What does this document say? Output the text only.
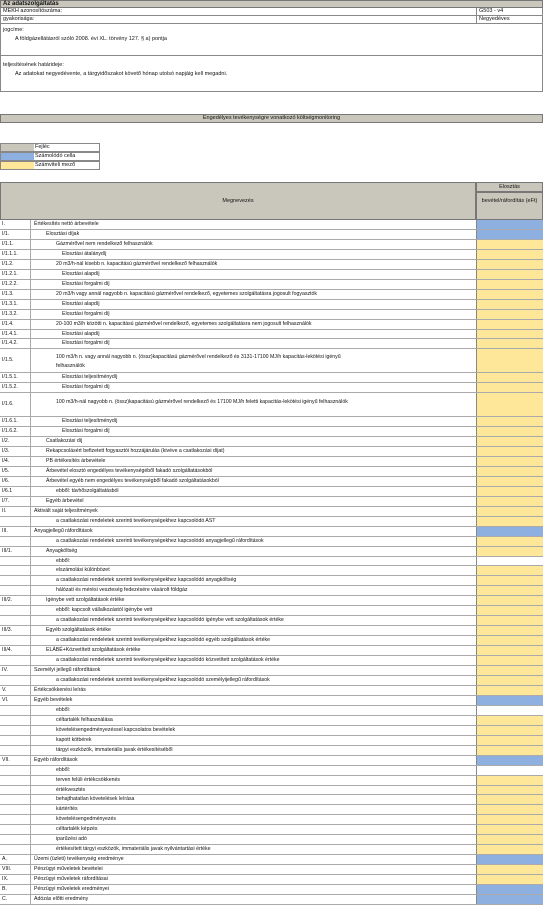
Az adatszolgáltatás
MEKH azonosítószáma:	G503 - v4
gyakorisága:	Negyedéves
jogcíme:
A földgázellátásról szóló 2008. évi XL. törvény 127. § a) pontja
teljesítésének határideje:
Az adatokat negyedévente, a tárgyidőszakot követő hónap utolsó napjáig kell megadni.
Engedélyes tevékenységre vonatkozó költségmonitoring
Fejléc
Számolódó cella
Számviteli mező
Megnevezés
Elosztás
bevétel/ráfordítás (eFt)
I.	Értékesítés nettó árbevétele
I/1.	Elosztási díjak
I/1.1.	Gázmérővel nem rendelkező felhasználók
I/1.1.1.	Elosztási átalánydíj
I/1.2.	20 m3/h-nál kisebb n. kapacitású gázmérővel rendelkező felhasználók
I/1.2.1.	Elosztási alapdíj
I/1.2.2.	Elosztási forgalmi díj
I/1.3.	20 m3/h vagy annál nagyobb n. kapacitású gázmérővel rendelkező, egyetemes szolgáltatásra jogosult fogyasztók
I/1.3.1.	Elosztási alapdíj
I/1.3.2.	Elosztási forgalmi díj
I/1.4.	20-100 m3/h közötti n. kapacitású gázmérővel rendelkező, egyetemes szolgáltatásra nem jogosult felhasználók
I/1.4.1.	Elosztási alapdíj
I/1.4.2.	Elosztási forgalmi díj
I/1.5.
100 m3/h n. vagy annál nagyobb n. (össz)kapacitású gázmérővel rendelkező és 3131-17100 MJ/h kapacitás-lekötési igényű
felhasználók
I/1.5.1.	Elosztási teljesítménydíj
I/1.5.2.	Elosztási forgalmi díj
I/1.6.	100 m3/h-nál nagyobb n. (össz)kapacitású gázmérővel rendelkező és 17100 MJ/h feletti kapacitás-lekötési igényű felhasználók
I/1.6.1.	Elosztási teljesítménydíj
I/1.6.2.	Elosztási forgalmi díj
I/2.	Csatlakozási díj
I/3.	Rekapcsolásért befizetett fogyasztói hozzájárulás (kivéve a csatlakozási díjat)
I/4.	PB értékesítés árbevétele
I/5.	Árbevétel elosztó engedélyes tevékenységéből fakadó szolgáltatásokból
I/6.	Árbevétel egyéb nem engedélyes tevékenységből fakadó szolgáltatásokból
I/6.1	ebből: távhőszolgáltatásból
I/7.	Egyéb árbevétel
II.	Aktivált saját teljesítmények
a csatlakozási rendeletek szerinti tevékenységekhez kapcsolódó AST
III.	Anyagjellegű ráfordítások
a csatlakozási rendeletek szerinti tevékenységekhez kapcsolódó anyagjellegű ráfordítások
III/1.	Anyagköltség
ebből:
elszámolási különbözet
a csatlakozási rendeletek szerinti tevékenységekhez kapcsolódó anyagköltség
hálózati és mérési veszteség fedezésére vásárolt földgáz
III/2.	Igénybe vett szolgáltatások értéke
ebből: kapcsolt vállalkozástól igénybe vett
a csatlakozási rendeletek szerinti tevékenységekhez kapcsolódó igénybe vett szolgáltatások értéke
III/3.	Egyéb szolgáltatások értéke
a csatlakozási rendeletek szerinti tevékenységekhez kapcsolódó egyéb szolgáltatások értéke
III/4.	ELÁBÉ+Közvetített szolgáltatások értéke
a csatlakozási rendeletek szerinti tevékenységekhez kapcsolódó közvetített szolgáltatások értéke
IV.	Személyi jellegű ráfordítások
a csatlakozási rendeletek szerinti tevékenységekhez kapcsolódó személyijellegű ráfordítások
V.	Értékcsökkenési leírás
VI.	Egyéb bevételek
ebből:
céltartalék felhasználása
követelésengedményezéssel kapcsolatos bevételek
kapott kötbérek
tárgyi eszközök, immateriális javak értékesítéséből
VII.	Egyéb ráfordítások
ebből:
terven felüli értékcsökkenés
értékvesztés
behajthatatlan követelések leírása
kártérítés
követelésengedményezés
céltartalék képzés
iparűzési adó
értékesített tárgyi eszközök, immateriális javak nyilvántartási értéke
A.	Üzemi (üzleti) tevékenység eredménye
VIII.	Pénzügyi műveletek bevételei
IX.	Pénzügyi műveletek ráfordításai
B.	Pénzügyi műveletek eredményei
C.	Adózás előtti eredmény
